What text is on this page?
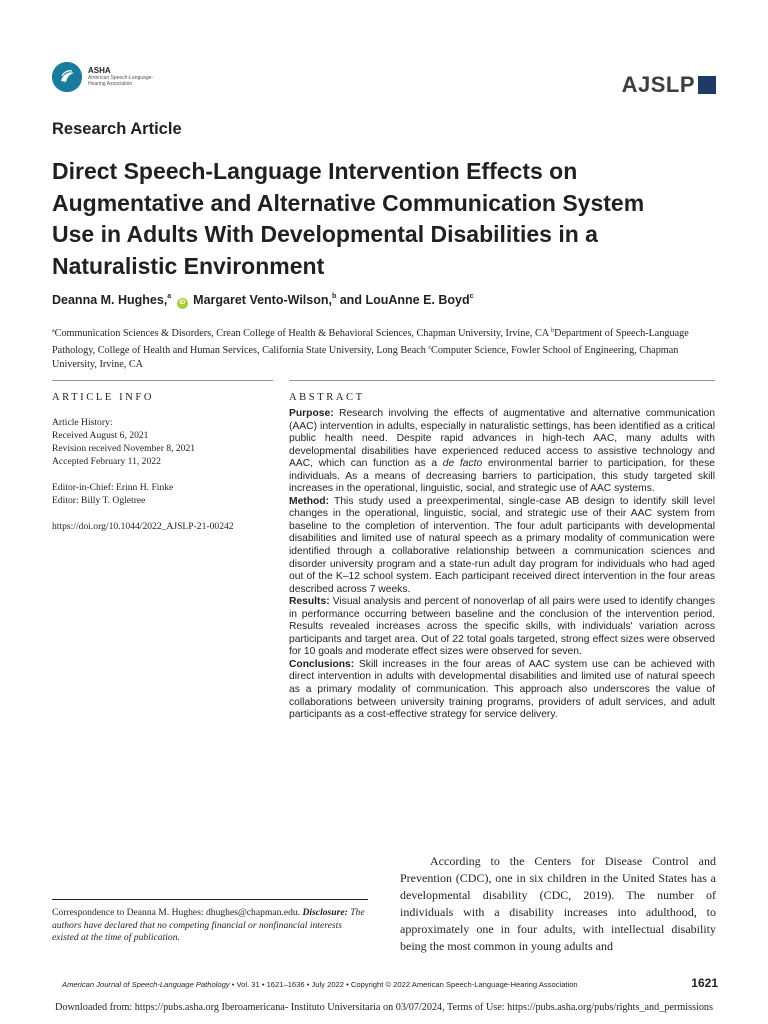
ASHA
American Speech-Language-Hearing Association	AJSLP
Research Article
Direct Speech-Language Intervention Effects on Augmentative and Alternative Communication System Use in Adults With Developmental Disabilities in a Naturalistic Environment
Deanna M. Hughes,$^a$ iD Margaret Vento-Wilson,$^b$ and LouAnne E. Boyd$^c$
$^a$Communication Sciences & Disorders, Crean College of Health & Behavioral Sciences, Chapman University, Irvine, CA $^b$Department of Speech-Language Pathology, College of Health and Human Services, California State University, Long Beach $^c$Computer Science, Fowler School of Engineering, Chapman University, Irvine, CA
ARTICLE INFO
Article History:
Received August 6, 2021
Revision received November 8, 2021
Accepted February 11, 2022
Editor-in-Chief: Erinn H. Finke
Editor: Billy T. Ogletree
https://doi.org/10.1044/2022_AJSLP-21-00242
ABSTRACT
Purpose: Research involving the effects of augmentative and alternative communication (AAC) intervention in adults, especially in naturalistic settings, has been identified as a critical public health need. Despite rapid advances in high-tech AAC, many adults with developmental disabilities have experienced reduced access to assistive technology and AAC, which can function as a de facto environmental barrier to participation, for these individuals. As a means of decreasing barriers to participation, this study targeted skill increases in the operational, linguistic, social, and strategic use of AAC systems.
Method: This study used a preexperimental, single-case AB design to identify skill level changes in the operational, linguistic, social, and strategic use of their AAC system from baseline to the completion of intervention. The four adult participants with developmental disabilities and limited use of natural speech as a primary modality of communication were identified through a collaborative relationship between a communication sciences and disorder university program and a state-run adult day program for individuals who had aged out of the K–12 school system. Each participant received direct intervention in the four areas described across 7 weeks.
Results: Visual analysis and percent of nonoverlap of all pairs were used to identify changes in performance occurring between baseline and the conclusion of the intervention period. Results revealed increases across the specific skills, with individuals' variation across participants and target area. Out of 22 total goals targeted, strong effect sizes were observed for 10 goals and moderate effect sizes were observed for seven.
Conclusions: Skill increases in the four areas of AAC system use can be achieved with direct intervention in adults with developmental disabilities and limited use of natural speech as a primary modality of communication. This approach also underscores the value of collaborations between university training programs, providers of adult services, and adult participants as a cost-effective strategy for service delivery.

According to the Centers for Disease Control and Prevention (CDC), one in six children in the United States has a developmental disability (CDC, 2019). The number of individuals with a disability increases into adulthood, to approximately one in four adults, with intellectual disability being the most common in young adults and

Correspondence to Deanna M. Hughes: dhughes@chapman.edu. Disclosure: The authors have declared that no competing financial or nonfinancial interests existed at the time of publication.
American Journal of Speech-Language Pathology • Vol. 31 • 1621–1636 • July 2022 • Copyright © 2022 American Speech-Language-Hearing Association	1621
Downloaded from: https://pubs.asha.org Iberoamericana- Instituto Universitaria on 03/07/2024, Terms of Use: https://pubs.asha.org/pubs/rights_and_permissions
